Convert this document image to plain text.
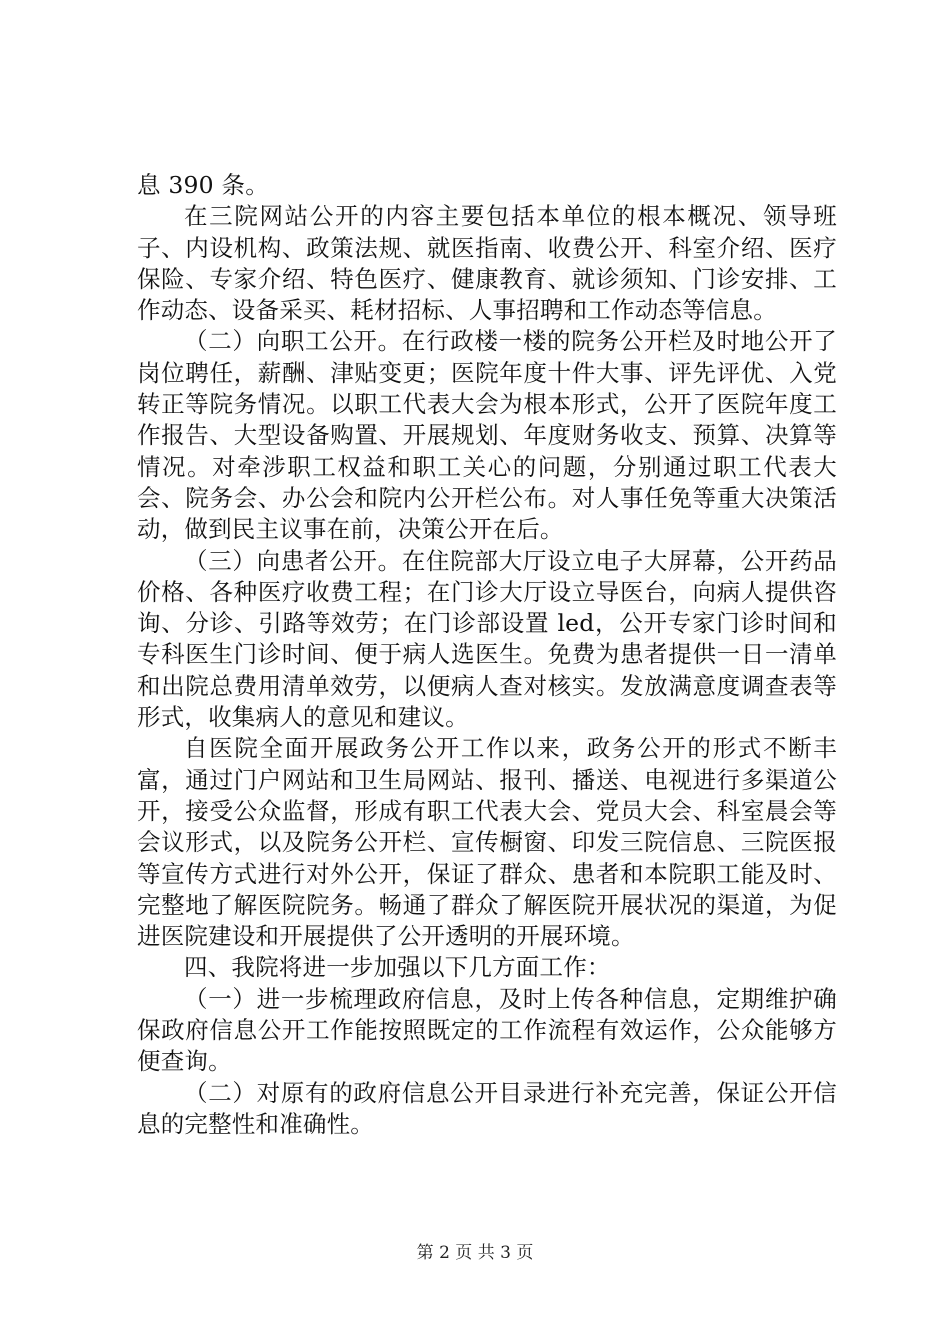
息 390 条。

在三院网站公开的内容主要包括本单位的根本概况、领导班子、内设机构、政策法规、就医指南、收费公开、科室介绍、医疗保险、专家介绍、特色医疗、健康教育、就诊须知、门诊安排、工作动态、设备采买、耗材招标、人事招聘和工作动态等信息。

（二）向职工公开。在行政楼一楼的院务公开栏及时地公开了岗位聘任，薪酬、津贴变更；医院年度十件大事、评先评优、入党转正等院务情况。以职工代表大会为根本形式，公开了医院年度工作报告、大型设备购置、开展规划、年度财务收支、预算、决算等情况。对牵涉职工权益和职工关心的问题，分别通过职工代表大会、院务会、办公会和院内公开栏公布。对人事任免等重大决策活动，做到民主议事在前，决策公开在后。

（三）向患者公开。在住院部大厅设立电子大屏幕，公开药品价格、各种医疗收费工程；在门诊大厅设立导医台，向病人提供咨询、分诊、引路等效劳；在门诊部设置 led，公开专家门诊时间和专科医生门诊时间、便于病人选医生。免费为患者提供一日一清单和出院总费用清单效劳，以便病人查对核实。发放满意度调查表等形式，收集病人的意见和建议。

自医院全面开展政务公开工作以来，政务公开的形式不断丰富，通过门户网站和卫生局网站、报刊、播送、电视进行多渠道公开，接受公众监督，形成有职工代表大会、党员大会、科室晨会等会议形式，以及院务公开栏、宣传橱窗、印发三院信息、三院医报等宣传方式进行对外公开，保证了群众、患者和本院职工能及时、完整地了解医院院务。畅通了群众了解医院开展状况的渠道，为促进医院建设和开展提供了公开透明的开展环境。

四、我院将进一步加强以下几方面工作：

（一）进一步梳理政府信息，及时上传各种信息，定期维护确保政府信息公开工作能按照既定的工作流程有效运作，公众能够方便查询。

（二）对原有的政府信息公开目录进行补充完善，保证公开信息的完整性和准确性。

第 2 页 共 3 页
